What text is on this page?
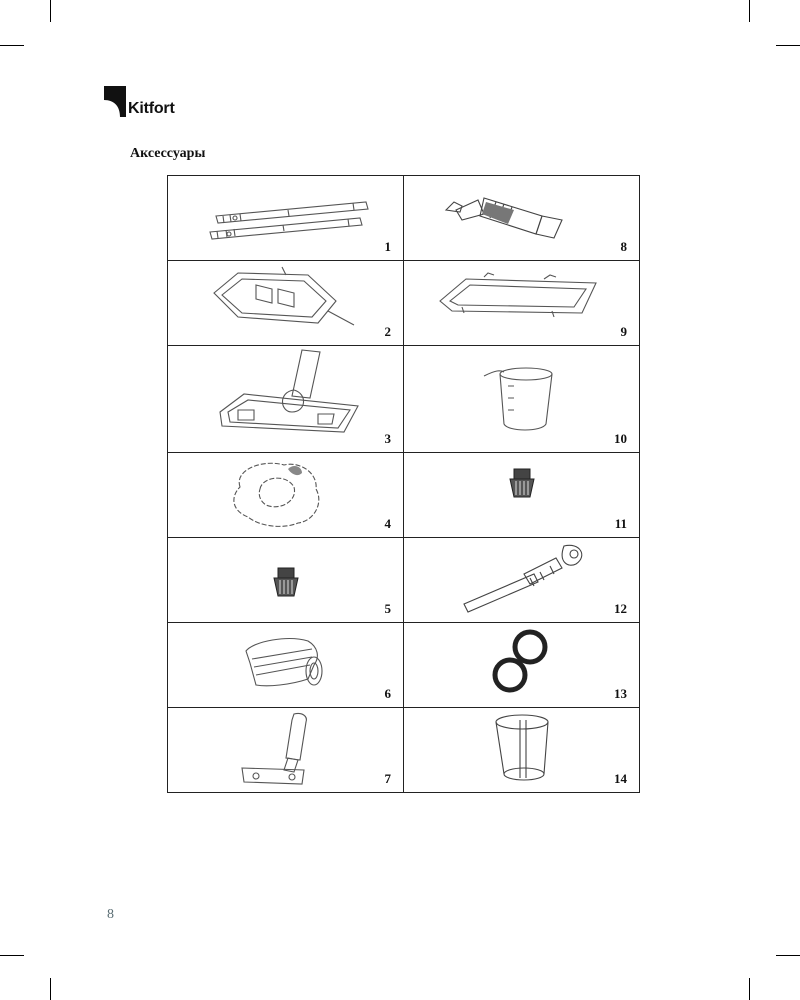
Kitfort
Аксессуары
1	8

2	9

3	10

4	11

5	12

6	13

7	14
8
